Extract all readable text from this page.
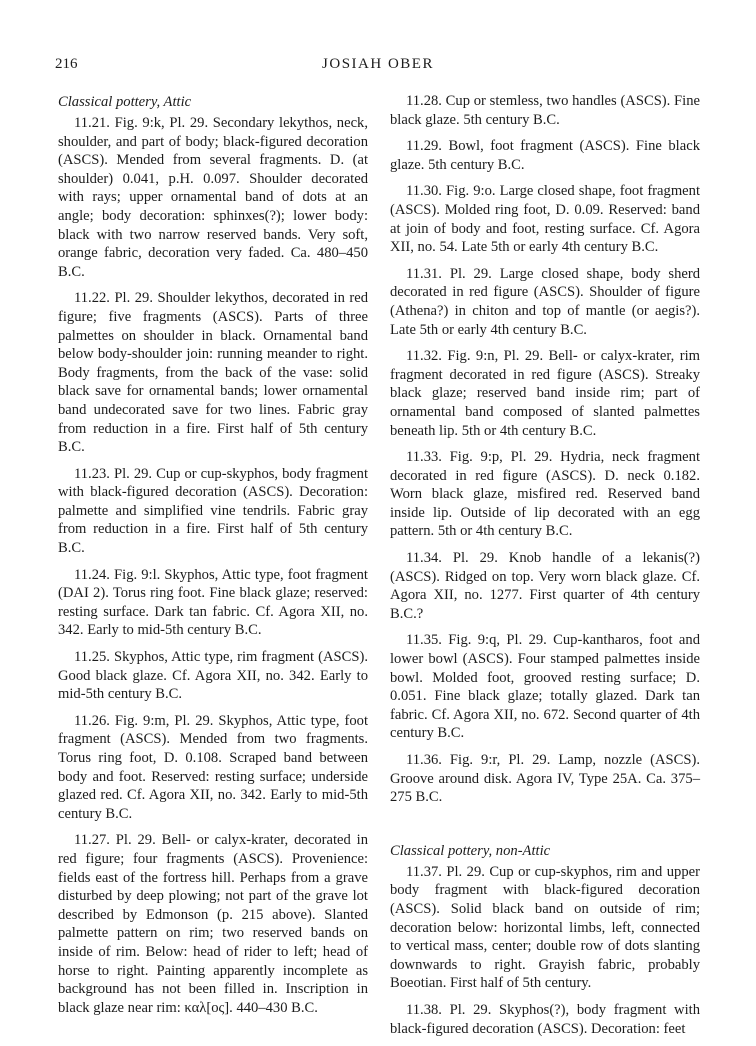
216	JOSIAH OBER
Classical pottery, Attic

11.21. Fig. 9:k, Pl. 29. Secondary lekythos, neck, shoulder, and part of body; black-figured decoration (ASCS). Mended from several fragments. D. (at shoulder) 0.041, p.H. 0.097. Shoulder decorated with rays; upper ornamental band of dots at an angle; body decoration: sphinxes(?); lower body: black with two narrow reserved bands. Very soft, orange fabric, decoration very faded. Ca. 480–450 B.C.

11.22. Pl. 29. Shoulder lekythos, decorated in red figure; five fragments (ASCS). Parts of three palmettes on shoulder in black. Ornamental band below body-shoulder join: running meander to right. Body fragments, from the back of the vase: solid black save for ornamental bands; lower ornamental band undecorated save for two lines. Fabric gray from reduction in a fire. First half of 5th century B.C.

11.23. Pl. 29. Cup or cup-skyphos, body fragment with black-figured decoration (ASCS). Decoration: palmette and simplified vine tendrils. Fabric gray from reduction in a fire. First half of 5th century B.C.

11.24. Fig. 9:l. Skyphos, Attic type, foot fragment (DAI 2). Torus ring foot. Fine black glaze; reserved: resting surface. Dark tan fabric. Cf. Agora XII, no. 342. Early to mid-5th century B.C.

11.25. Skyphos, Attic type, rim fragment (ASCS). Good black glaze. Cf. Agora XII, no. 342. Early to mid-5th century B.C.

11.26. Fig. 9:m, Pl. 29. Skyphos, Attic type, foot fragment (ASCS). Mended from two fragments. Torus ring foot, D. 0.108. Scraped band between body and foot. Reserved: resting surface; underside glazed red. Cf. Agora XII, no. 342. Early to mid-5th century B.C.

11.27. Pl. 29. Bell- or calyx-krater, decorated in red figure; four fragments (ASCS). Provenience: fields east of the fortress hill. Perhaps from a grave disturbed by deep plowing; not part of the grave lot described by Edmonson (p. 215 above). Slanted palmette pattern on rim; two reserved bands on inside of rim. Below: head of rider to left; head of horse to right. Painting apparently incomplete as background has not been filled in. Inscription in black glaze near rim: καλ[ος]. 440–430 B.C.

11.28. Cup or stemless, two handles (ASCS). Fine black glaze. 5th century B.C.

11.29. Bowl, foot fragment (ASCS). Fine black glaze. 5th century B.C.

11.30. Fig. 9:o. Large closed shape, foot fragment (ASCS). Molded ring foot, D. 0.09. Reserved: band at join of body and foot, resting surface. Cf. Agora XII, no. 54. Late 5th or early 4th century B.C.

11.31. Pl. 29. Large closed shape, body sherd decorated in red figure (ASCS). Shoulder of figure (Athena?) in chiton and top of mantle (or aegis?). Late 5th or early 4th century B.C.

11.32. Fig. 9:n, Pl. 29. Bell- or calyx-krater, rim fragment decorated in red figure (ASCS). Streaky black glaze; reserved band inside rim; part of ornamental band composed of slanted palmettes beneath lip. 5th or 4th century B.C.

11.33. Fig. 9:p, Pl. 29. Hydria, neck fragment decorated in red figure (ASCS). D. neck 0.182. Worn black glaze, misfired red. Reserved band inside lip. Outside of lip decorated with an egg pattern. 5th or 4th century B.C.

11.34. Pl. 29. Knob handle of a lekanis(?) (ASCS). Ridged on top. Very worn black glaze. Cf. Agora XII, no. 1277. First quarter of 4th century B.C.?

11.35. Fig. 9:q, Pl. 29. Cup-kantharos, foot and lower bowl (ASCS). Four stamped palmettes inside bowl. Molded foot, grooved resting surface; D. 0.051. Fine black glaze; totally glazed. Dark tan fabric. Cf. Agora XII, no. 672. Second quarter of 4th century B.C.

11.36. Fig. 9:r, Pl. 29. Lamp, nozzle (ASCS). Groove around disk. Agora IV, Type 25A. Ca. 375–275 B.C.

Classical pottery, non-Attic

11.37. Pl. 29. Cup or cup-skyphos, rim and upper body fragment with black-figured decoration (ASCS). Solid black band on outside of rim; decoration below: horizontal limbs, left, connected to vertical mass, center; double row of dots slanting downwards to right. Grayish fabric, probably Boeotian. First half of 5th century.

11.38. Pl. 29. Skyphos(?), body fragment with black-figured decoration (ASCS). Decoration: feet
